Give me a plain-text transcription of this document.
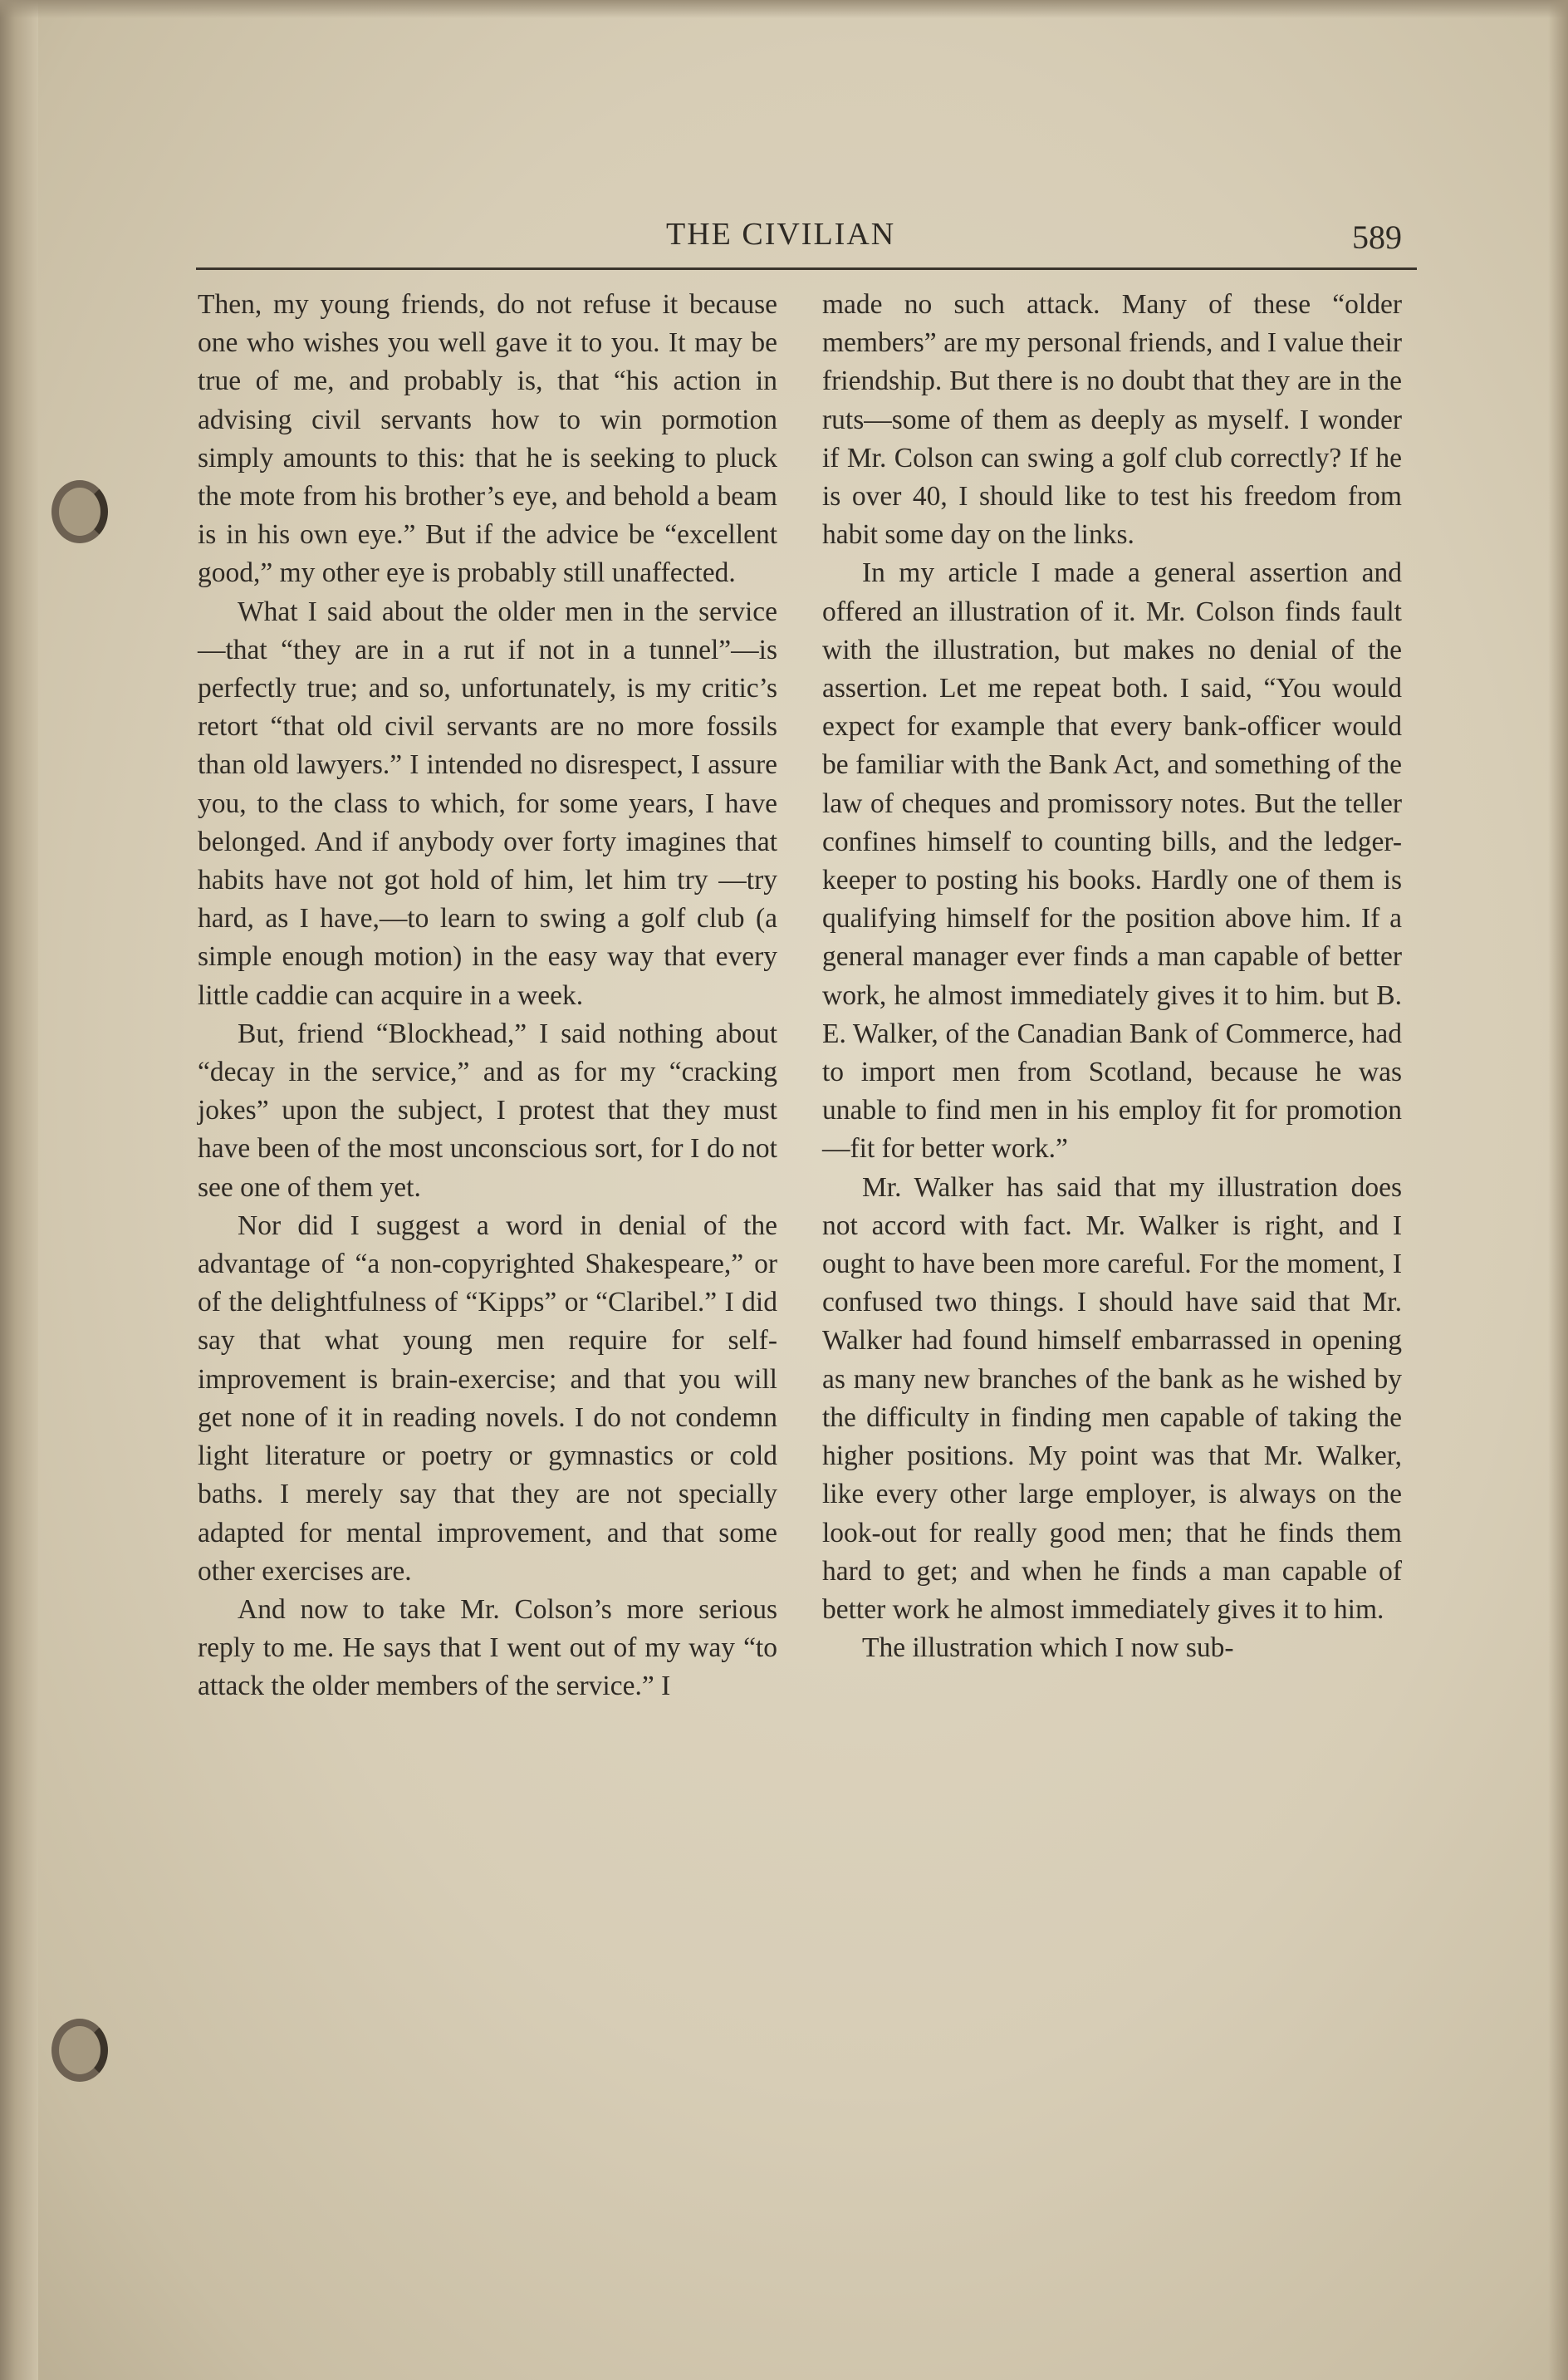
THE CIVILIAN	589

Then, my young friends, do not refuse it because one who wishes you well gave it to you. It may be true of me, and probably is, that “his action in advising civil servants how to win pormotion simply amounts to this: that he is seeking to pluck the mote from his brother’s eye, and behold a beam is in his own eye.” But if the advice be “excellent good,” my other eye is probably still unaffected.

What I said about the older men in the service—that “they are in a rut if not in a tunnel”—is perfectly true; and so, unfortunately, is my critic’s retort “that old civil servants are no more fossils than old lawyers.” I intended no disrespect, I assure you, to the class to which, for some years, I have belonged. And if anybody over forty imagines that habits have not got hold of him, let him try —try hard, as I have,—to learn to swing a golf club (a simple enough motion) in the easy way that every little caddie can acquire in a week.

But, friend “Blockhead,” I said nothing about “decay in the service,” and as for my “cracking jokes” upon the subject, I protest that they must have been of the most unconscious sort, for I do not see one of them yet.

Nor did I suggest a word in denial of the advantage of “a non-copyrighted Shakespeare,” or of the delightfulness of “Kipps” or “Claribel.” I did say that what young men require for self-improvement is brain-exercise; and that you will get none of it in reading novels. I do not condemn light literature or poetry or gymnastics or cold baths. I merely say that they are not specially adapted for mental improvement, and that some other exercises are.

And now to take Mr. Colson’s more serious reply to me. He says that I went out of my way “to attack the older members of the service.” I

made no such attack. Many of these “older members” are my personal friends, and I value their friendship. But there is no doubt that they are in the ruts—some of them as deeply as myself. I wonder if Mr. Colson can swing a golf club correctly? If he is over 40, I should like to test his freedom from habit some day on the links.

In my article I made a general assertion and offered an illustration of it. Mr. Colson finds fault with the illustration, but makes no denial of the assertion. Let me repeat both. I said, “You would expect for example that every bank-officer would be familiar with the Bank Act, and something of the law of cheques and promissory notes. But the teller confines himself to counting bills, and the ledger-keeper to posting his books. Hardly one of them is qualifying himself for the position above him. If a general manager ever finds a man capable of better work, he almost immediately gives it to him. but B. E. Walker, of the Canadian Bank of Commerce, had to import men from Scotland, because he was unable to find men in his employ fit for promotion—fit for better work.”

Mr. Walker has said that my illustration does not accord with fact. Mr. Walker is right, and I ought to have been more careful. For the moment, I confused two things. I should have said that Mr. Walker had found himself embarrassed in opening as many new branches of the bank as he wished by the difficulty in finding men capable of taking the higher positions. My point was that Mr. Walker, like every other large employer, is always on the look-out for really good men; that he finds them hard to get; and when he finds a man capable of better work he almost immediately gives it to him.

The illustration which I now sub-
